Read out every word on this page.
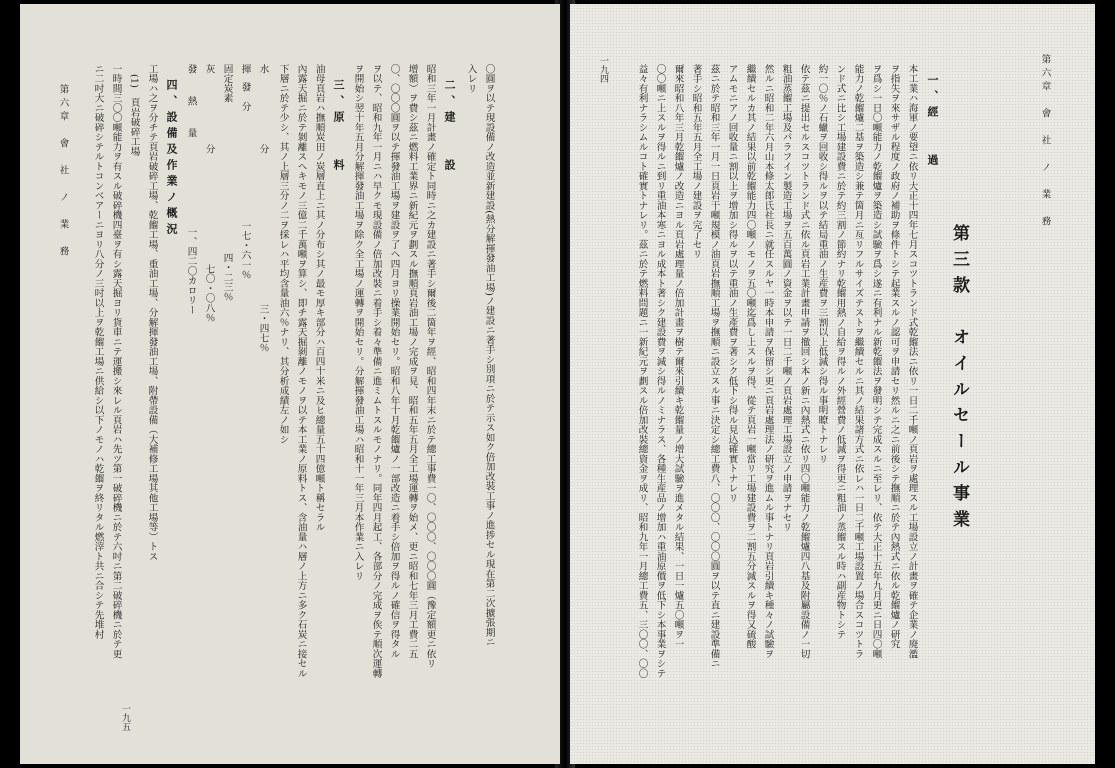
第六章　會　社　ノ　業　務
一九五
ニ二吋大ニ破碎シテルトコンベアーニヨリ八分ノ三吋以上ヲ乾餾工場ニ供給シ以下ノモノハ乾餾ヲ終リタル燃滓ト共ニ合シテ先堆村 一時間三〇〇噸能力ヲ有スル破碎機四臺ヲ有シ露天掘ヨリ貨車ニテ運搬シ來レル頁岩ハ先ツ第一破碎機ニ於テ六吋ニ第二破碎機ニ於テ更 (1)　頁岩破碎工場 工場ハ之ヲ分チテ頁岩破碎工場、乾餾工場、重油工場、分解揮發油工場、附帶設備（大補修工場其他工場等）トス 四、設備及作業ノ概況
發熱量一、四二〇カロリー
灰分七〇・〇八％
固定炭素四・二三％
揮發　分一七・六一％
水分三・四七％ 下層ニ於テ少シ、其ノ上層三分ノ二ヲ採レハ平均含量油六％ナリ、其分析成績左ノ如シ 內露天掘ニ於テ剝離スヘキモノ三億二千萬噸ヲ算シ、即チ露天掘剝離ノモノヲ以テ本工業ノ原料トス、含油量ハ層ノ上方ニ多ク石炭ニ接セル 油母頁岩ハ撫順炭田ノ炭層直上ニ其ノ分布シ其ノ最モ厚キ部分ハ百四十米ニ及ヒ總量五十四億噸ト稱セラル 三、原　　料 ヲ開始シ翌十年五月分解揮發油工場ヲ除ク全工場ノ運轉ヲ開始セリ。分解揮發油工場ハ昭和十一年三月本作業ニ入レリ ヲ以テ、昭和九年一月ニハ早クモ現設備ノ倍加改裝ニ着手シ着々準備ニ進ミムトスルモノナリ。同年四月起工、各部分ノ完成ヲ俟テ順次運轉 〇、〇〇〇圓ヲ以テ揮發油工場ヲ建設ヲ了ヘ四月ヨリ操業開始セリ。昭和八年十月乾餾爐ノ一部改造ニ着手シ倍加ヲ得ルノ確信ヲ得タル 增額）ヲ費シ茲ニ燃料工業界ニ新紀元ヲ劃スル撫順頁岩油工場ノ完成ヲ見、昭和五年五月全工場運轉ヲ始メ、更ニ昭和七年三月工費二五 昭和三年一月計畫ノ確定ト同時ニ之カ建設ニ著手シ爾後二箇年ヲ經、昭和四年末ニ於テ總工事費一〇、〇〇〇、〇〇〇圓（豫定額更ニ依リ 二、建　　設
入レリ 〇圓ヲ以テ現設備ノ改造並新建設(熱分解揮發油工場)ノ建設ニ著手シ別項ニ於テ示ス如ク倍加改裝工事ノ進捗セル現在第二次擴張期ニ	一九四	益々有利ナラシムルコト確實トナレリ。茲ニ於テ燃料問題ニ一新紀元ヲ劃スル倍加改裝總資金ヲ成リ、昭和九年一月總工費五、三〇〇、〇〇 〇〇噸ニ上スルヲ得ルニ到リ重油本寒ニヨル成本ト著シク建設費ヲ減シ得ルノミナラス、各種生産品ノ增加ハ重油原價ヲ低下シ本事業ヲシテ 爾來昭和八年三月乾餾爐ノ改造ニヨル頁岩處理量ノ倍加計畫ヲ樹テ爾來引續キ乾餾量ノ增大試驗ヲ進メタル結果、一日一爐五〇噸ヲ一 著手シ昭和五年五月全工場ノ建設ヲ完了セリ 茲ニ於テ昭和三年一月一日頁岩干噸規模ノ油頁岩撫順工場ヲ撫順ニ設立スル事ニ決定シ總工費八、〇〇〇、〇〇〇圓ヲ以テ直ニ建設準備ニ アムモニアノ回收量ニ割以上ヲ增加シ得ルヲ以テ重油ノ生產費ヲ著シク低下シ得ル見込確實トナレリ 繼續セルカ其ノ結果以前乾餾能力四〇噸ノモノヲ五〇噸迄爲し上スルヲ得、從テ頁岩一噸當リ工場建設費ヲ二割五分減スルヲ得又硫酸 然ルニ昭和二年六月山本條太郎氏社長ニ就任スルヤ一時本申請ヲ保留シ更ニ頁岩處理法ノ研究ヲ進ムル事トナリ頁岩引續キ種々ノ試驗ヲ 粗油蒸餾工場及パラフイン製造工場ヲ五百萬圓ノ資金ヲ以テ一日二千噸ノ頁岩處理工場設立ノ申請ヲナセリ 依テ茲ニ提出セルスコツトランド式ニ依ル頁岩工業計畫申請ヲ撤回シ本ノ新ニ內熱式ニ依リ四〇噸能力ノ乾餾爐四八基及附屬設備ノ一切 約一〇％ノ石蠟ヲ回收シ得ルヲ以テ結局重油ノ生産費ヲ三割以上低減シ得ル事明瞭トナレリ ンド式ニ比シ工場建設費ニ於テ約三割ノ節約ナリ乾餾用熱ノ自給ヲ得ルノ外經營費ノ低減ヲ得更ニ粗油ノ蒸餾スル時ハ副産物トシテ 能力ノ乾餾爐二基ヲ築造シ兼テ箇月ニ亙リフルサイズテストヲ繼續セルニ其ノ結果諸方式ニ依レハ一日二千噸工場設置ノ場合スコツトラ ヲ爲シ一日〇噸能力ノ乾餾爐ヲ築造シ試驗ヲ爲シ遂ニ有利ナル新乾餾法ヲ發明シテ完成スルニ至レリ、依テ大正十五年九月更ニ日四〇噸 ヲ指失ヲ來サザル程度ノ政府ノ補助ヲ條件トシテ起業スルノ認可ヲ申請セリ然ルニ之ニ前後シテ撫順ニ於テ內熱式ニ依ル乾餾爐ノ研究 本工業ハ海軍ノ要望ニ依リ大正十四年七月スコツトランド式乾餾法ニ依リ一日二千噸ノ頁岩ヲ處理スル工場設立ノ計畫ヲ確テ企業ノ廃濫 一、經　　過
第三款　オイルセール事業
第六章　會　社　ノ　業　務
